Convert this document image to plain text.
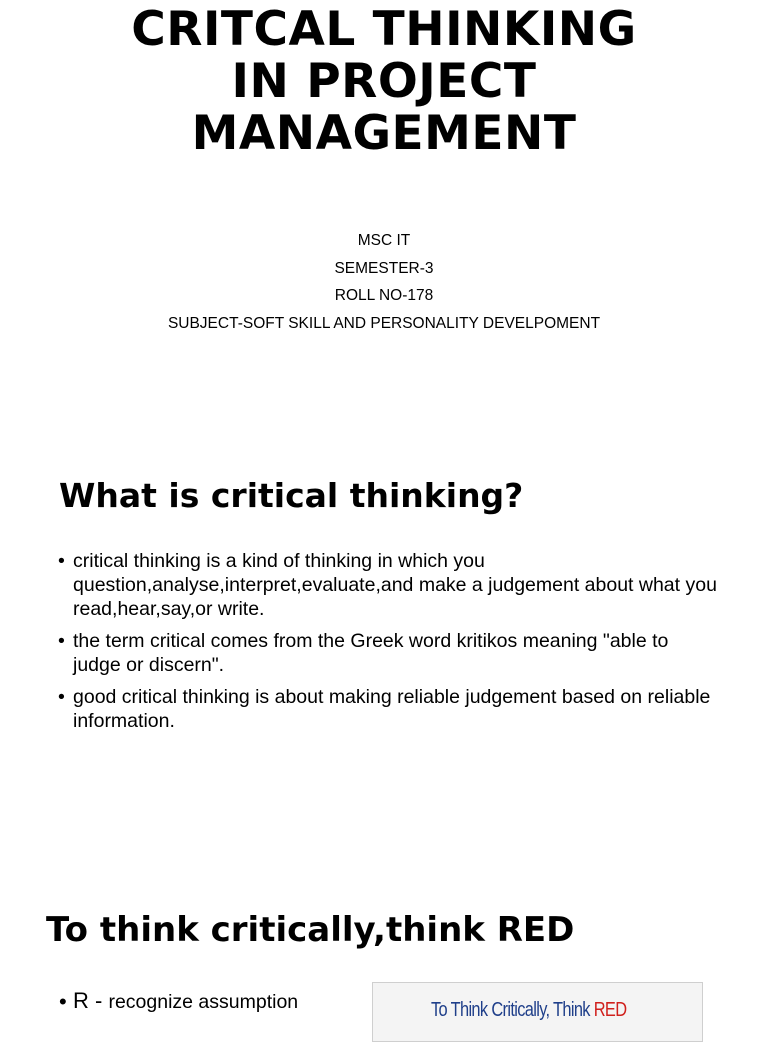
CRITCAL THINKING
IN PROJECT
MANAGEMENT
MSC IT
SEMESTER-3
ROLL NO-178
SUBJECT-SOFT SKILL AND PERSONALITY DEVELPOMENT
What is critical thinking?
• critical thinking is a kind of thinking in which you question,analyse,interpret,evaluate,and make a judgement about what you read,hear,say,or write.
• the term critical comes from the Greek word kritikos meaning "able to judge or discern".
• good critical thinking is about making reliable judgement based on reliable information.
To think critically,think RED
• R - recognize assumption	To Think Critically, Think RED
